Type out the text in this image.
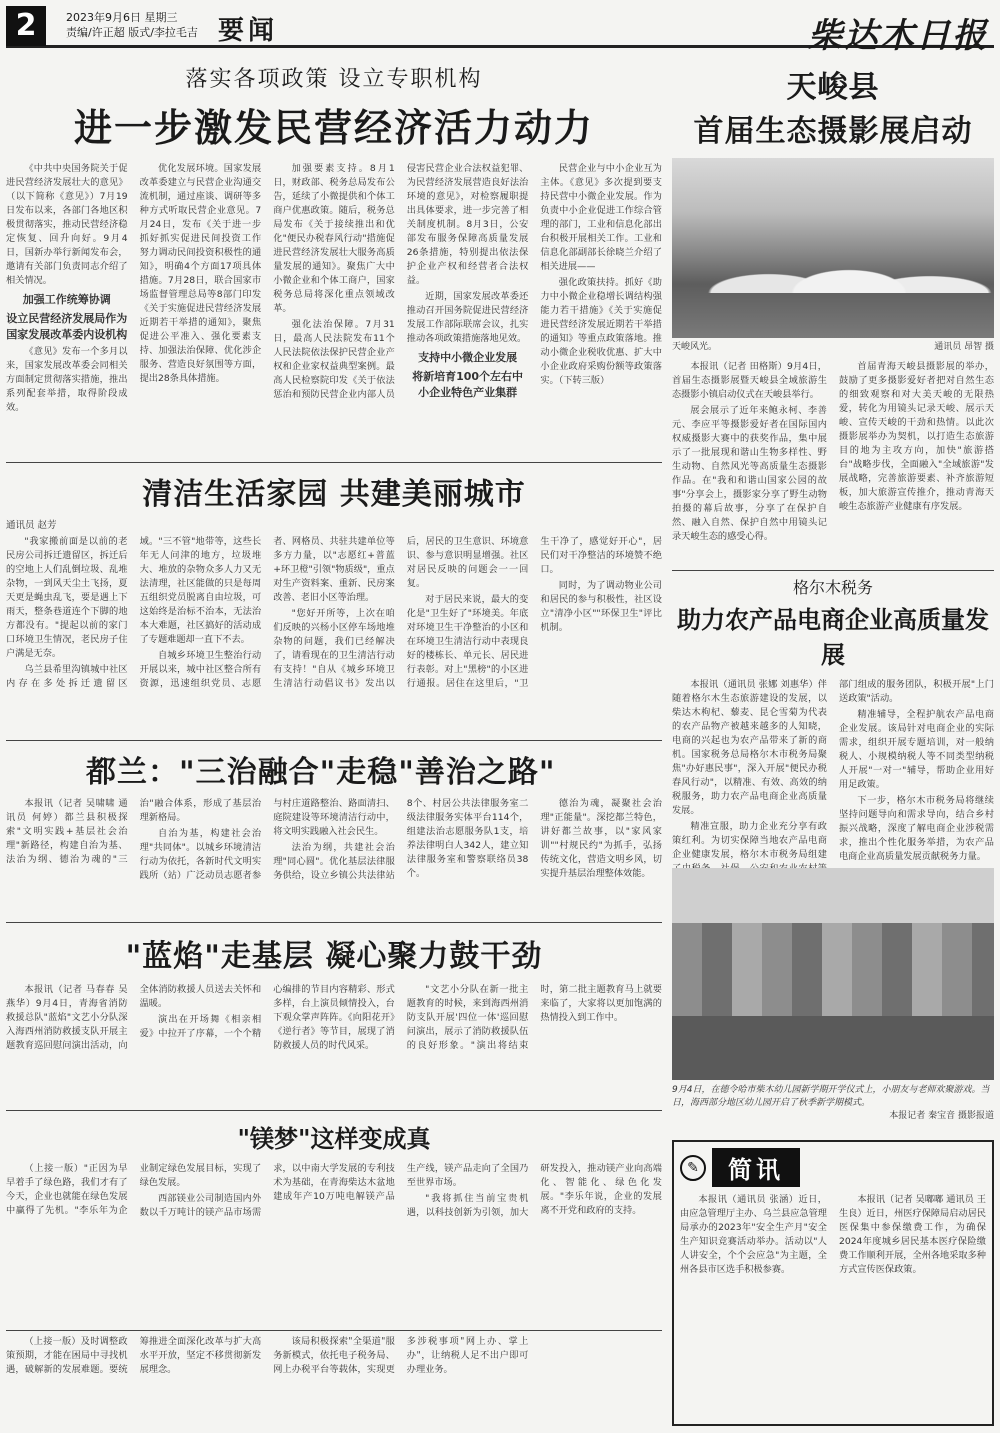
2	2023年9月6日 星期三
责编/许正超 版式/李拉毛吉 要闻	柴达木日报
落实各项政策 设立专职机构
进一步激发民营经济活力动力

《中共中央国务院关于促进民营经济发展壮大的意见》（以下简称《意见》）7月19日发布以来，各部门各地区积极贯彻落实，推动民营经济稳定恢复、回升向好。9月4日，国新办举行新闻发布会，邀请有关部门负责同志介绍了相关情况。

加强工作统筹协调
设立民营经济发展局作为国家发展改革委内设机构

《意见》发布一个多月以来，国家发展改革委会同相关方面制定贯彻落实措施，推出系列配套举措，取得阶段成效。

优化发展环境。国家发展改革委建立与民营企业沟通交流机制，通过座谈、调研等多种方式听取民营企业意见。7月24日，发布《关于进一步抓好抓实促进民间投资工作 努力调动民间投资积极性的通知》，明确4个方面17项具体措施。7月28日，联合国家市场监督管理总局等8部门印发《关于实施促进民营经济发展近期若干举措的通知》，聚焦促进公平准入、强化要素支持、加强法治保障、优化涉企服务、营造良好氛围等方面，提出28条具体措施。

加强要素支持。8月1日，财政部、税务总局发布公告，延续了小微提供和个体工商户优惠政策。随后，税务总局发布《关于接续推出和优化"便民办税春风行动"措施促进民营经济发展壮大服务高质量发展的通知》。聚焦广大中小微企业和个体工商户，国家税务总局将深化重点领域改革。

强化法治保障。7月31日，最高人民法院发布11个人民法院依法保护民营企业产权和企业家权益典型案例。最高人民检察院印发《关于依法惩治和预防民营企业内部人员侵害民营企业合法权益犯罪、为民营经济发展营造良好法治环境的意见》，对检察履职提出具体要求，进一步完善了相关制度机制。8月3日，公安部发布服务保障高质量发展26条措施，特别提出依法保护企业产权和经营者合法权益。

近期，国家发展改革委还推动召开国务院促进民营经济发展工作部际联席会议，扎实推动各项政策措施落地见效。

支持中小微企业发展
将新培育100个左右中小企业特色产业集群

民营企业与中小企业互为主体。《意见》多次提到要支持民营中小微企业发展。作为负责中小企业促进工作综合管理的部门，工业和信息化部出台积极开展相关工作。工业和信息化部副部长徐晓兰介绍了相关进展——

强化政策扶持。抓好《助力中小微企业稳增长调结构强能力若干措施》《关于实施促进民营经济发展近期若干举措的通知》等重点政策落地。推动小微企业税收优惠、扩大中小企业政府采购份额等政策落实。（下转三版）

天峻县
首届生态摄影展启动
天峻风光。	通讯员 昂智 摄

本报讯（记者 田格斯）9月4日，首届生态摄影展暨天峻县全域旅游生态摄影小镇启动仪式在天峻县举行。

展会展示了近年来鲍永柯、李善元、李应平等摄影爱好者在国际国内权威摄影大赛中的获奖作品，集中展示了一批展现和谐山生物多样性、野生动物、自然风光等高质量生态摄影作品。在"我和和谐山国家公园的故事"分享会上，摄影家分享了野生动物拍摄的幕后故事，分享了在保护自然、融入自然、保护自然中用镜头记录天峻生态的感受心得。

首届青海天峻县摄影展的举办，鼓励了更多摄影爱好者把对自然生态的细致观察和对大美天峻的无限热爱，转化为用镜头记录天峻、展示天峻、宣传天峻的干劲和热情。以此次摄影展举办为契机，以打造生态旅游目的地为主攻方向，加快"旅游搭台"战略步伐，全面融入"全域旅游"发展战略，完善旅游要素、补齐旅游短板，加大旅游宣传推介，推动青海天峻生态旅游产业健康有序发展。

清洁生活家园 共建美丽城市
通讯员 赵芳

"我家搬前面是以前的老民房公司拆迁遗留区，拆迁后的空地上人们乱倒垃圾、乱堆杂物，一到风天尘土飞扬，夏天更是蝇虫乱飞，要是遇上下雨天，整条巷道连个下脚的地方都没有。"提起以前的家门口环境卫生情况，老民房子住户满是无奈。

乌兰县希里沟镇城中社区内存在多处拆迁遗留区域。"三不管"地带等，这些长年无人问津的地方，垃圾堆大、堆放的杂物众多人力又无法清理，社区能做的只是每周五组织党员脱离自由垃圾，可这始终是治标不治本，无法治本大难题，社区搞好的活动成了专题难题却一直下不去。

自城乡环境卫生整治行动开展以来，城中社区整合所有资源，迅速组织党员、志愿者、网格员、共驻共建单位等多方力量，以"志愿红+普蓝+环卫橙"引领"物质级"，重点对生产资料案、重新、民房案改善、老旧小区等治理。

"您好开所等，上次在咱们反映的兴杨小区停车场地堆杂物的问题，我们已经解决了，请看现在的卫生清洁行动有支持！"自从《城乡环境卫生清洁行动倡议书》发出以后，居民的卫生意识、环境意识、参与意识明显增强。社区对居民反映的问题会一一回复。

对于居民来说，最大的变化是"卫生好了"环境美。年底对环境卫生干净整治的小区和在环境卫生清洁行动中表现良好的楼栋长、单元长、居民进行表彰。对上"黑榜"的小区进行通报。居住在这里后，"卫生干净了，感觉好开心"，居民们对干净整洁的环境赞不绝口。

同时，为了调动物业公司和居民的参与积极性，社区设立"清净小区""环保卫生"评比机制。

格尔木税务
助力农产品电商企业高质量发展

本报讯（通讯员 张娜 刘惠华）伴随着格尔木生态旅游建设的发展，以柴达木枸杞、藜麦、昆仑雪菊为代表的农产品物产被越来越多的人知晓，电商的兴起也为农产品带来了新的商机。国家税务总局格尔木市税务局聚焦"办好惠民事"，深入开展"便民办税春风行动"，以精准、有效、高效的纳税服务，助力农产品电商企业高质量发展。

精准宣服，助力企业充分享有政策红利。为切实保障当地农产品电商企业健康发展，格尔木市税务局组建 部门组成的服务团队，积极开展"上门送政策"活动。

精准辅导，全程护航农产品电商企业发展。该局针对电商企业的实际需求，组织开展专题培训，对一般纳税人、小规模纳税人等不同类型纳税人开展"一对一"辅导，帮助企业用好用足政策。

下一步，格尔木市税务局将继续坚持问题导向和需求导向，结合乡村振兴战略，深度了解电商企业涉税需求，推出个性化服务举措，为农产品电商企业高质量发展贡献税务力量。

都兰："三治融合"走稳"善治之路"

本报讯（记者 吴啸啸 通讯员 何婷）都兰县积极探索"文明实践+基层社会治理"新路径，构建自治为基、法治为纲、德治为魂的"三治"融合体系，形成了基层治理新格局。

自治为基，构建社会治理"共同体"。以城乡环境清洁行动为依托，各新时代文明实践所（站）广泛动员志愿者参与村庄道路整治、路面清扫、庭院建设等环境清洁行动中，将文明实践融入社会民生。

法治为纲，共建社会治理"同心圆"。优化基层法律服务供给，设立乡镇公共法律站8个、村居公共法律服务室二级法律服务实体平台114个，组建法治志愿服务队1支，培养法律明白人342人，建立知法律服务室和警察联络员38个。

德治为魂，凝聚社会治理"正能量"。深挖都兰特色，讲好都兰故事，以"家风家训""村规民约"为抓手，弘扬传统文化，营造文明乡风，切实提升基层治理整体效能。

9月4日，在德令哈市柴木幼儿园新学期开学仪式上，小朋友与老师欢聚游戏。当日，海西部分地区幼儿园开启了秋季新学期模式。
本报记者 秦宝音 摄影报道
"蓝焰"走基层 凝心聚力鼓干劲

本报讯（记者 马春春 吴燕华）9月4日，青海省消防救援总队"蓝焰"文艺小分队深入海西州消防救援支队开展主题教育巡回慰问演出活动，向全体消防救援人员送去关怀和温暖。

演出在开场舞《相亲相爱》中拉开了序幕，一个个精心编排的节目内容精彩、形式多样，台上演员倾情投入，台下观众掌声阵阵。《向阳花开》《逆行者》等节目，展现了消防救援人员的时代风采。

"文艺小分队在新一批主题教育的时候，来到海西州消防支队开展'四位一体'巡回慰问演出，展示了消防救援队伍的良好形象。"演出将结束时，第二批主题教育马上就要来临了，大家将以更加饱满的热情投入到工作中。

"镁梦"这样变成真

（上接一版）"正因为早早着手了绿色路，我们才有了今天，企业也就能在绿色发展中赢得了先机。"李乐年为企业制定绿色发展目标，实现了绿色发展。

西部镁业公司制造国内外数以千万吨计的镁产品市场需求，以中南大学发展的专利技术为基础，在青海柴达木盆地建成年产10万吨电解镁产品生产线，镁产品走向了全国乃至世界市场。

"我将抓住当前宝贵机遇，以科技创新为引领，加大研发投入，推动镁产业向高端化、智能化、绿色化发展。"李乐年说，企业的发展离不开党和政府的支持。

✎	简讯

本报讯（通讯员 张涵）近日，由应急管理厅主办、乌兰县应急管理局承办的2023年"安全生产月"安全生产知识竞赛活动举办。活动以"人人讲安全，个个会应急"为主题，全州各县市区选手积极参赛。

本报讯（记者 吴嘟嘟 通讯员 王生良）近日，州医疗保障局启动居民医保集中参保缴费工作，为确保2024年度城乡居民基本医疗保险缴费工作顺利开展，全州各地采取多种方式宣传医保政策。

（上接一版）及时调整政策预期，才能在困局中寻找机遇，破解新的发展难题。要统筹推进全面深化改革与扩大高水平开放，坚定不移贯彻新发展理念。

该局积极探索"全渠道"服务新模式，依托电子税务局、网上办税平台等载体，实现更多涉税事项"网上办、掌上办"，让纳税人足不出户即可办理业务。
